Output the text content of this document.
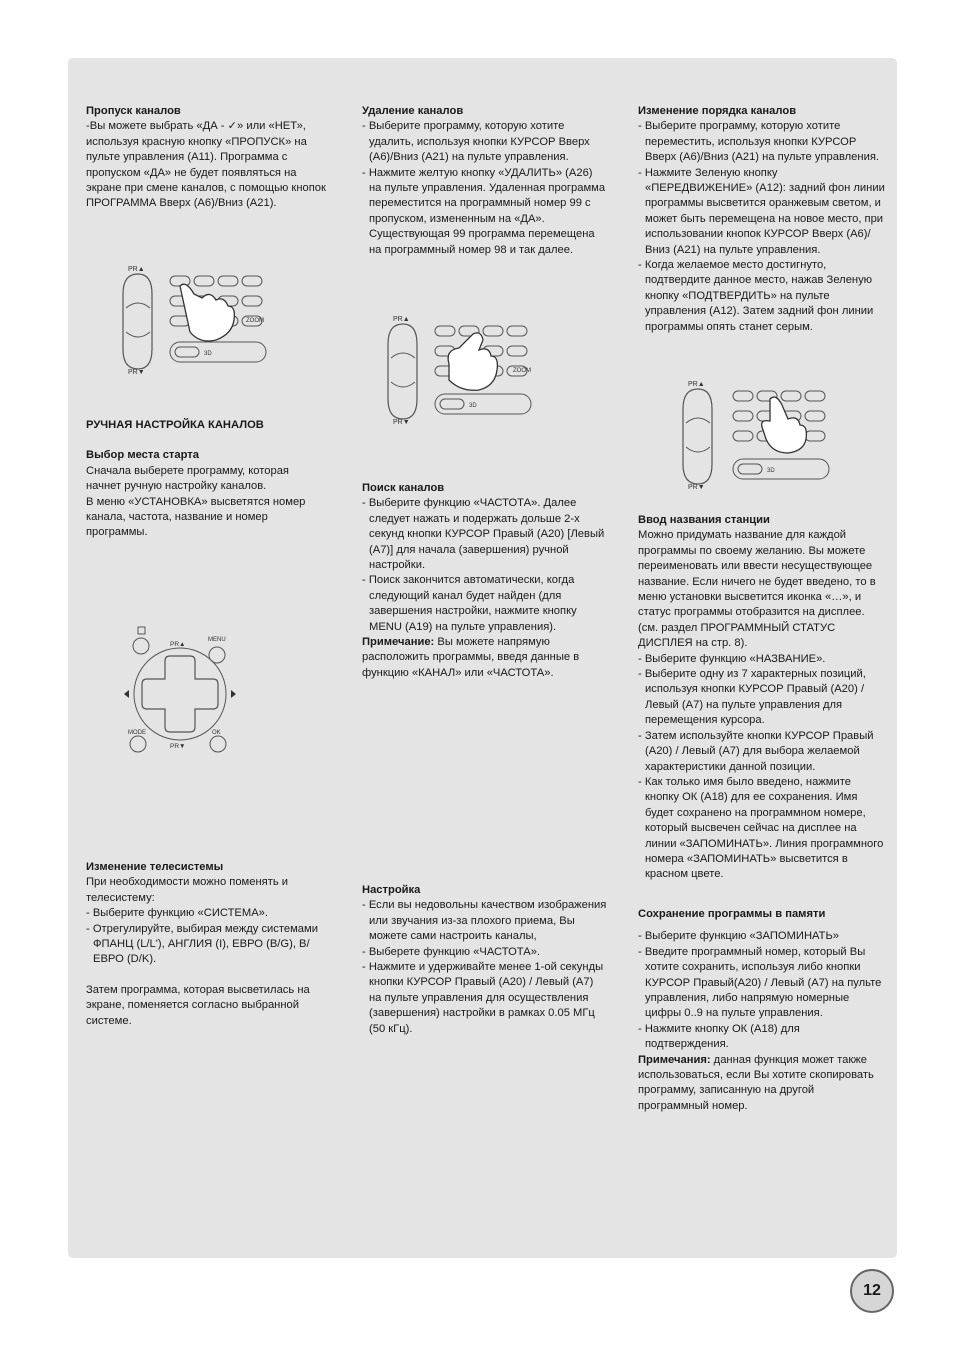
Пропуск каналов

-Вы можете выбрать «ДА - ✓» или «НЕТ», используя красную кнопку «ПРОПУСК» на пульте управления (А11). Программа с пропуском «ДА» не будет появляться на экране при смене каналов, с помощью кнопок ПРОГРАММА Вверх (А6)/Вниз (А21).

PR▲
PR▼
3D
ZOOM

РУЧНАЯ НАСТРОЙКА КАНАЛОВ

Выбор места старта

Сначала выберете программу, которая начнет ручную настройку каналов.

В меню «УСТАНОВКА» высветятся номер канала, частота, название и номер программы.

MENU
PR▲
MODE	OK
PR▼

Изменение телесистемы

При необходимости можно поменять и телесистему:

- Выберите функцию «СИСТЕМА».

- Отрегулируйте, выбирая между системами ФПАНЦ (L/L'), АНГЛИЯ (I), ЕВРО (B/G), В/ЕВРО (D/K).

Затем программа, которая высветилась на экране, поменяется согласно выбранной системе.

Удаление каналов

- Выберите программу, которую хотите удалить, используя кнопки КУРСОР Вверх (А6)/Вниз (А21) на пульте управления.

- Нажмите желтую кнопку «УДАЛИТЬ» (А26) на пульте управления. Удаленная программа переместится на программный номер 99 с пропуском, измененным на «ДА». Существующая 99 программа перемещена на программный номер 98 и так далее.

PR▲
PR▼
3D
ZOOM

Поиск каналов

- Выберите функцию «ЧАСТОТА». Далее следует нажать и подержать дольше 2-х секунд кнопки КУРСОР Правый (А20) [Левый (А7)] для начала (завершения) ручной настройки.

- Поиск закончится автоматически, когда следующий канал будет найден (для завершения настройки, нажмите кнопку MENU (A19) на пульте управления).

Примечание: Вы можете напрямую расположить программы, введя данные в функцию «КАНАЛ» или «ЧАСТОТА».

Настройка

- Если вы недовольны качеством изображения или звучания из-за плохого приема, Вы можете сами настроить каналы,

- Выберете функцию «ЧАСТОТА».

- Нажмите и удерживайте менее 1-ой секунды кнопки КУРСОР Правый (А20) / Левый (А7) на пульте управления для осуществления (завершения) настройки в рамках 0.05 МГц (50 кГц).

Изменение порядка каналов

- Выберите программу, которую хотите переместить, используя кнопки КУРСОР Вверх (А6)/Вниз (А21) на пульте управления.

- Нажмите Зеленую кнопку «ПЕРЕДВИЖЕНИЕ» (А12): задний фон линии программы высветится оранжевым светом, и может быть перемещена на новое место, при использовании кнопок КУРСОР Вверх (А6)/Вниз (А21) на пульте управления.

- Когда желаемое место достигнуто, подтвердите данное место, нажав Зеленую кнопку «ПОДТВЕРДИТЬ» на пульте управления (А12). Затем задний фон линии программы опять станет серым.

PR▲
PR▼
3D

Ввод названия станции

Можно придумать название для каждой программы по своему желанию. Вы можете переименовать или ввести несуществующее название. Если ничего не будет введено, то в меню установки высветится иконка «…», и статус программы отобразится на дисплее. (см. раздел ПРОГРАММНЫЙ СТАТУС ДИСПЛЕЯ на стр. 8).

- Выберите функцию «НАЗВАНИЕ».

- Выберите одну из 7 характерных позиций, используя кнопки КУРСОР Правый (А20) / Левый (А7) на пульте управления для перемещения курсора.

- Затем используйте кнопки КУРСОР Правый (А20) / Левый (А7) для выбора желаемой характеристики данной позиции.

- Как только имя было введено, нажмите кнопку ОК (А18) для ее сохранения. Имя будет сохранено на программном номере, который высвечен сейчас на дисплее на линии «ЗАПОМИНАТЬ». Линия программного номера «ЗАПОМИНАТЬ» высветится в красном цвете.

Сохранение программы в памяти

- Выберите функцию «ЗАПОМИНАТЬ»

- Введите программный номер, который Вы хотите сохранить, используя либо кнопки КУРСОР Правый(А20) / Левый (А7) на пульте управления, либо напрямую номерные цифры 0..9 на пульте управления.

- Нажмите кнопку ОК (А18) для подтверждения.

Примечания: данная функция может также использоваться, если Вы хотите скопировать программу, записанную на другой программный номер.

12
